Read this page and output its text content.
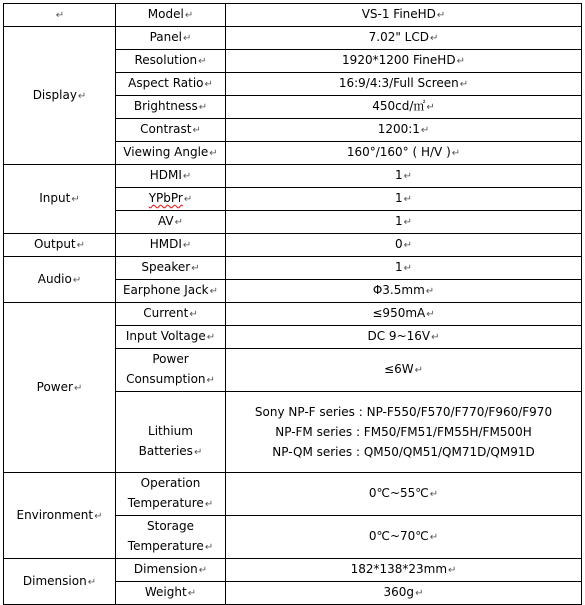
↵	Model↵	VS-1 FineHD↵
Display↵	Panel↵	7.02" LCD↵
	Resolution↵	1920*1200 FineHD↵
	Aspect Ratio↵	16:9/4:3/Full Screen↵
	Brightness↵	450cd/㎡↵
	Contrast↵	1200:1↵
	Viewing Angle↵	160°/160° ( H/V )↵
Input↵	HDMI↵	1↵
	YPbPr↵	1↵
	AV↵	1↵
Output↵	HMDI↵	0↵
Audio↵	Speaker↵	1↵
	Earphone Jack↵	Φ3.5mm↵
Power↵	Current↵	≤950mA↵
	Input Voltage↵	DC 9~16V↵

	Power
Consumption↵	≤6W↵

	Lithium
Batteries↵	Sony NP-F series : NP-F550/F570/F770/F960/F970
NP-FM series : FM50/FM51/FM55H/FM500H
NP-QM series : QM50/QM51/QM71D/QM91D

Environment↵	Operation
Temperature↵	0℃~55℃↵

	Storage
Temperature↵	0℃~70℃↵

Dimension↵	Dimension↵	182*138*23mm↵
	Weight↵	360g↵
